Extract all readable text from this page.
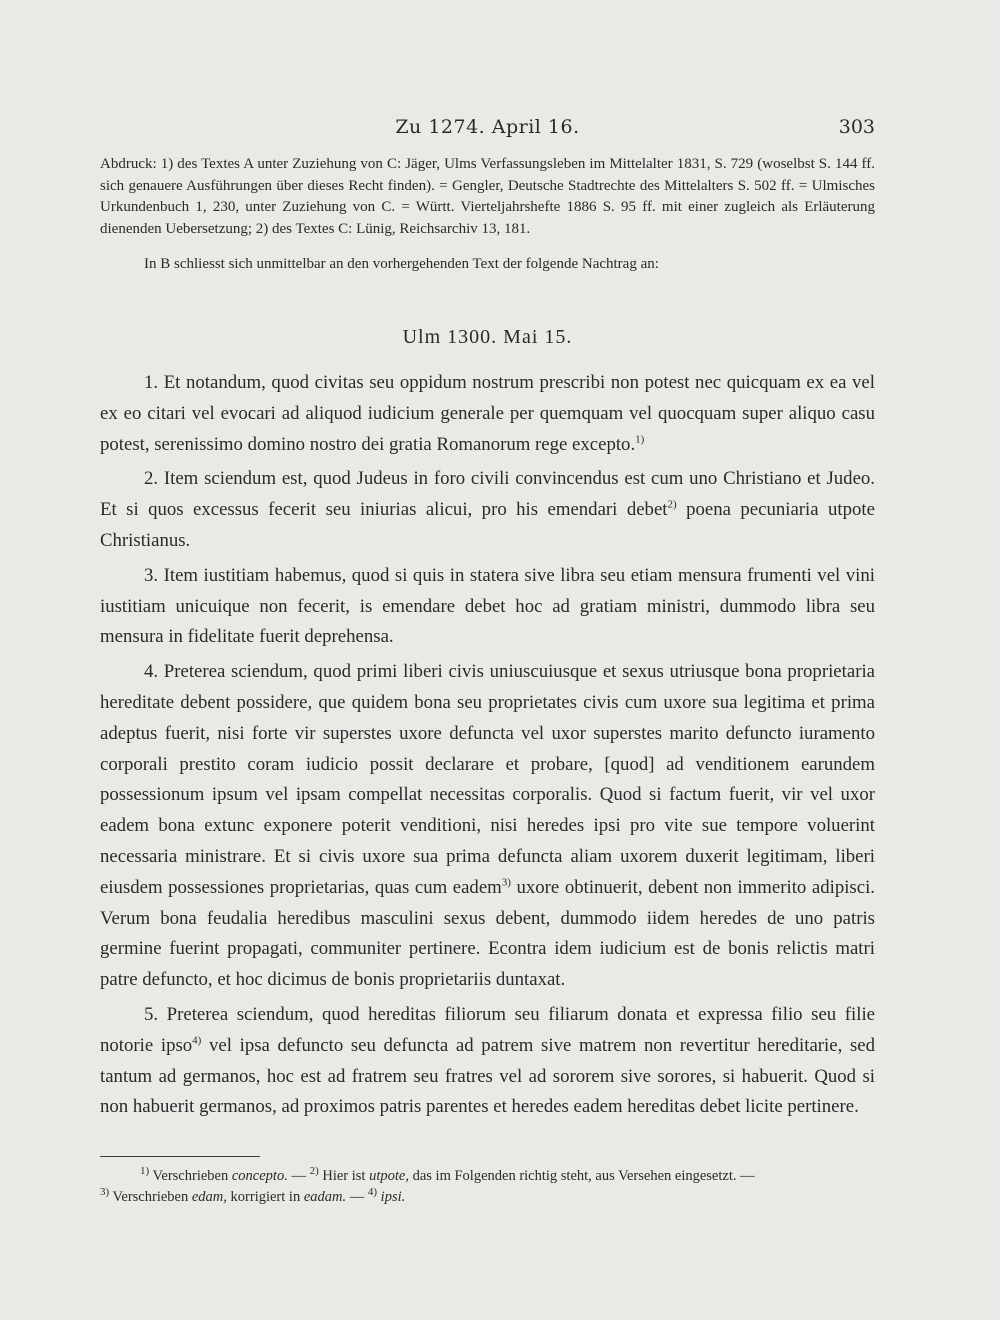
Zu 1274. April 16.	303

Abdruck: 1) des Textes A unter Zuziehung von C: Jäger, Ulms Verfassungsleben im Mittelalter 1831, S. 729 (woselbst S. 144 ff. sich genauere Ausführungen über dieses Recht finden). = Gengler, Deutsche Stadtrechte des Mittelalters S. 502 ff. = Ulmisches Urkundenbuch 1, 230, unter Zuziehung von C. = Württ. Vierteljahrshefte 1886 S. 95 ff. mit einer zugleich als Erläuterung dienenden Uebersetzung; 2) des Textes C: Lünig, Reichsarchiv 13, 181.

In B schliesst sich unmittelbar an den vorhergehenden Text der folgende Nachtrag an:

Ulm 1300. Mai 15.

1. Et notandum, quod civitas seu oppidum nostrum prescribi non potest nec quicquam ex ea vel ex eo citari vel evocari ad aliquod iudicium generale per quemquam vel quocquam super aliquo casu potest, serenissimo domino nostro dei gratia Romanorum rege excepto.$^{1)}$

2. Item sciendum est, quod Judeus in foro civili convincendus est cum uno Christiano et Judeo. Et si quos excessus fecerit seu iniurias alicui, pro his emendari debet$^{2)}$ poena pecuniaria utpote Christianus.

3. Item iustitiam habemus, quod si quis in statera sive libra seu etiam mensura frumenti vel vini iustitiam unicuique non fecerit, is emendare debet hoc ad gratiam ministri, dummodo libra seu mensura in fidelitate fuerit deprehensa.

4. Preterea sciendum, quod primi liberi civis uniuscuiusque et sexus utriusque bona proprietaria hereditate debent possidere, que quidem bona seu proprietates civis cum uxore sua legitima et prima adeptus fuerit, nisi forte vir superstes uxore defuncta vel uxor superstes marito defuncto iuramento corporali prestito coram iudicio possit declarare et probare, [quod] ad venditionem earundem possessionum ipsum vel ipsam compellat necessitas corporalis. Quod si factum fuerit, vir vel uxor eadem bona extunc exponere poterit venditioni, nisi heredes ipsi pro vite sue tempore voluerint necessaria ministrare. Et si civis uxore sua prima defuncta aliam uxorem duxerit legitimam, liberi eiusdem possessiones proprietarias, quas cum eadem$^{3)}$ uxore obtinuerit, debent non immerito adipisci. Verum bona feudalia heredibus masculini sexus debent, dummodo iidem heredes de uno patris germine fuerint propagati, communiter pertinere. Econtra idem iudicium est de bonis relictis matri patre defuncto, et hoc dicimus de bonis proprietariis duntaxat.

5. Preterea sciendum, quod hereditas filiorum seu filiarum donata et expressa filio seu filie notorie ipso$^{4)}$ vel ipsa defuncto seu defuncta ad patrem sive matrem non revertitur hereditarie, sed tantum ad germanos, hoc est ad fratrem seu fratres vel ad sororem sive sorores, si habuerit. Quod si non habuerit germanos, ad proximos patris parentes et heredes eadem hereditas debet licite pertinere.

$^{1)}$ Verschrieben concepto. — $^{2)}$ Hier ist utpote, das im Folgenden richtig steht, aus Versehen eingesetzt. —

$^{3)}$ Verschrieben edam, korrigiert in eadam. — $^{4)}$ ipsi.
